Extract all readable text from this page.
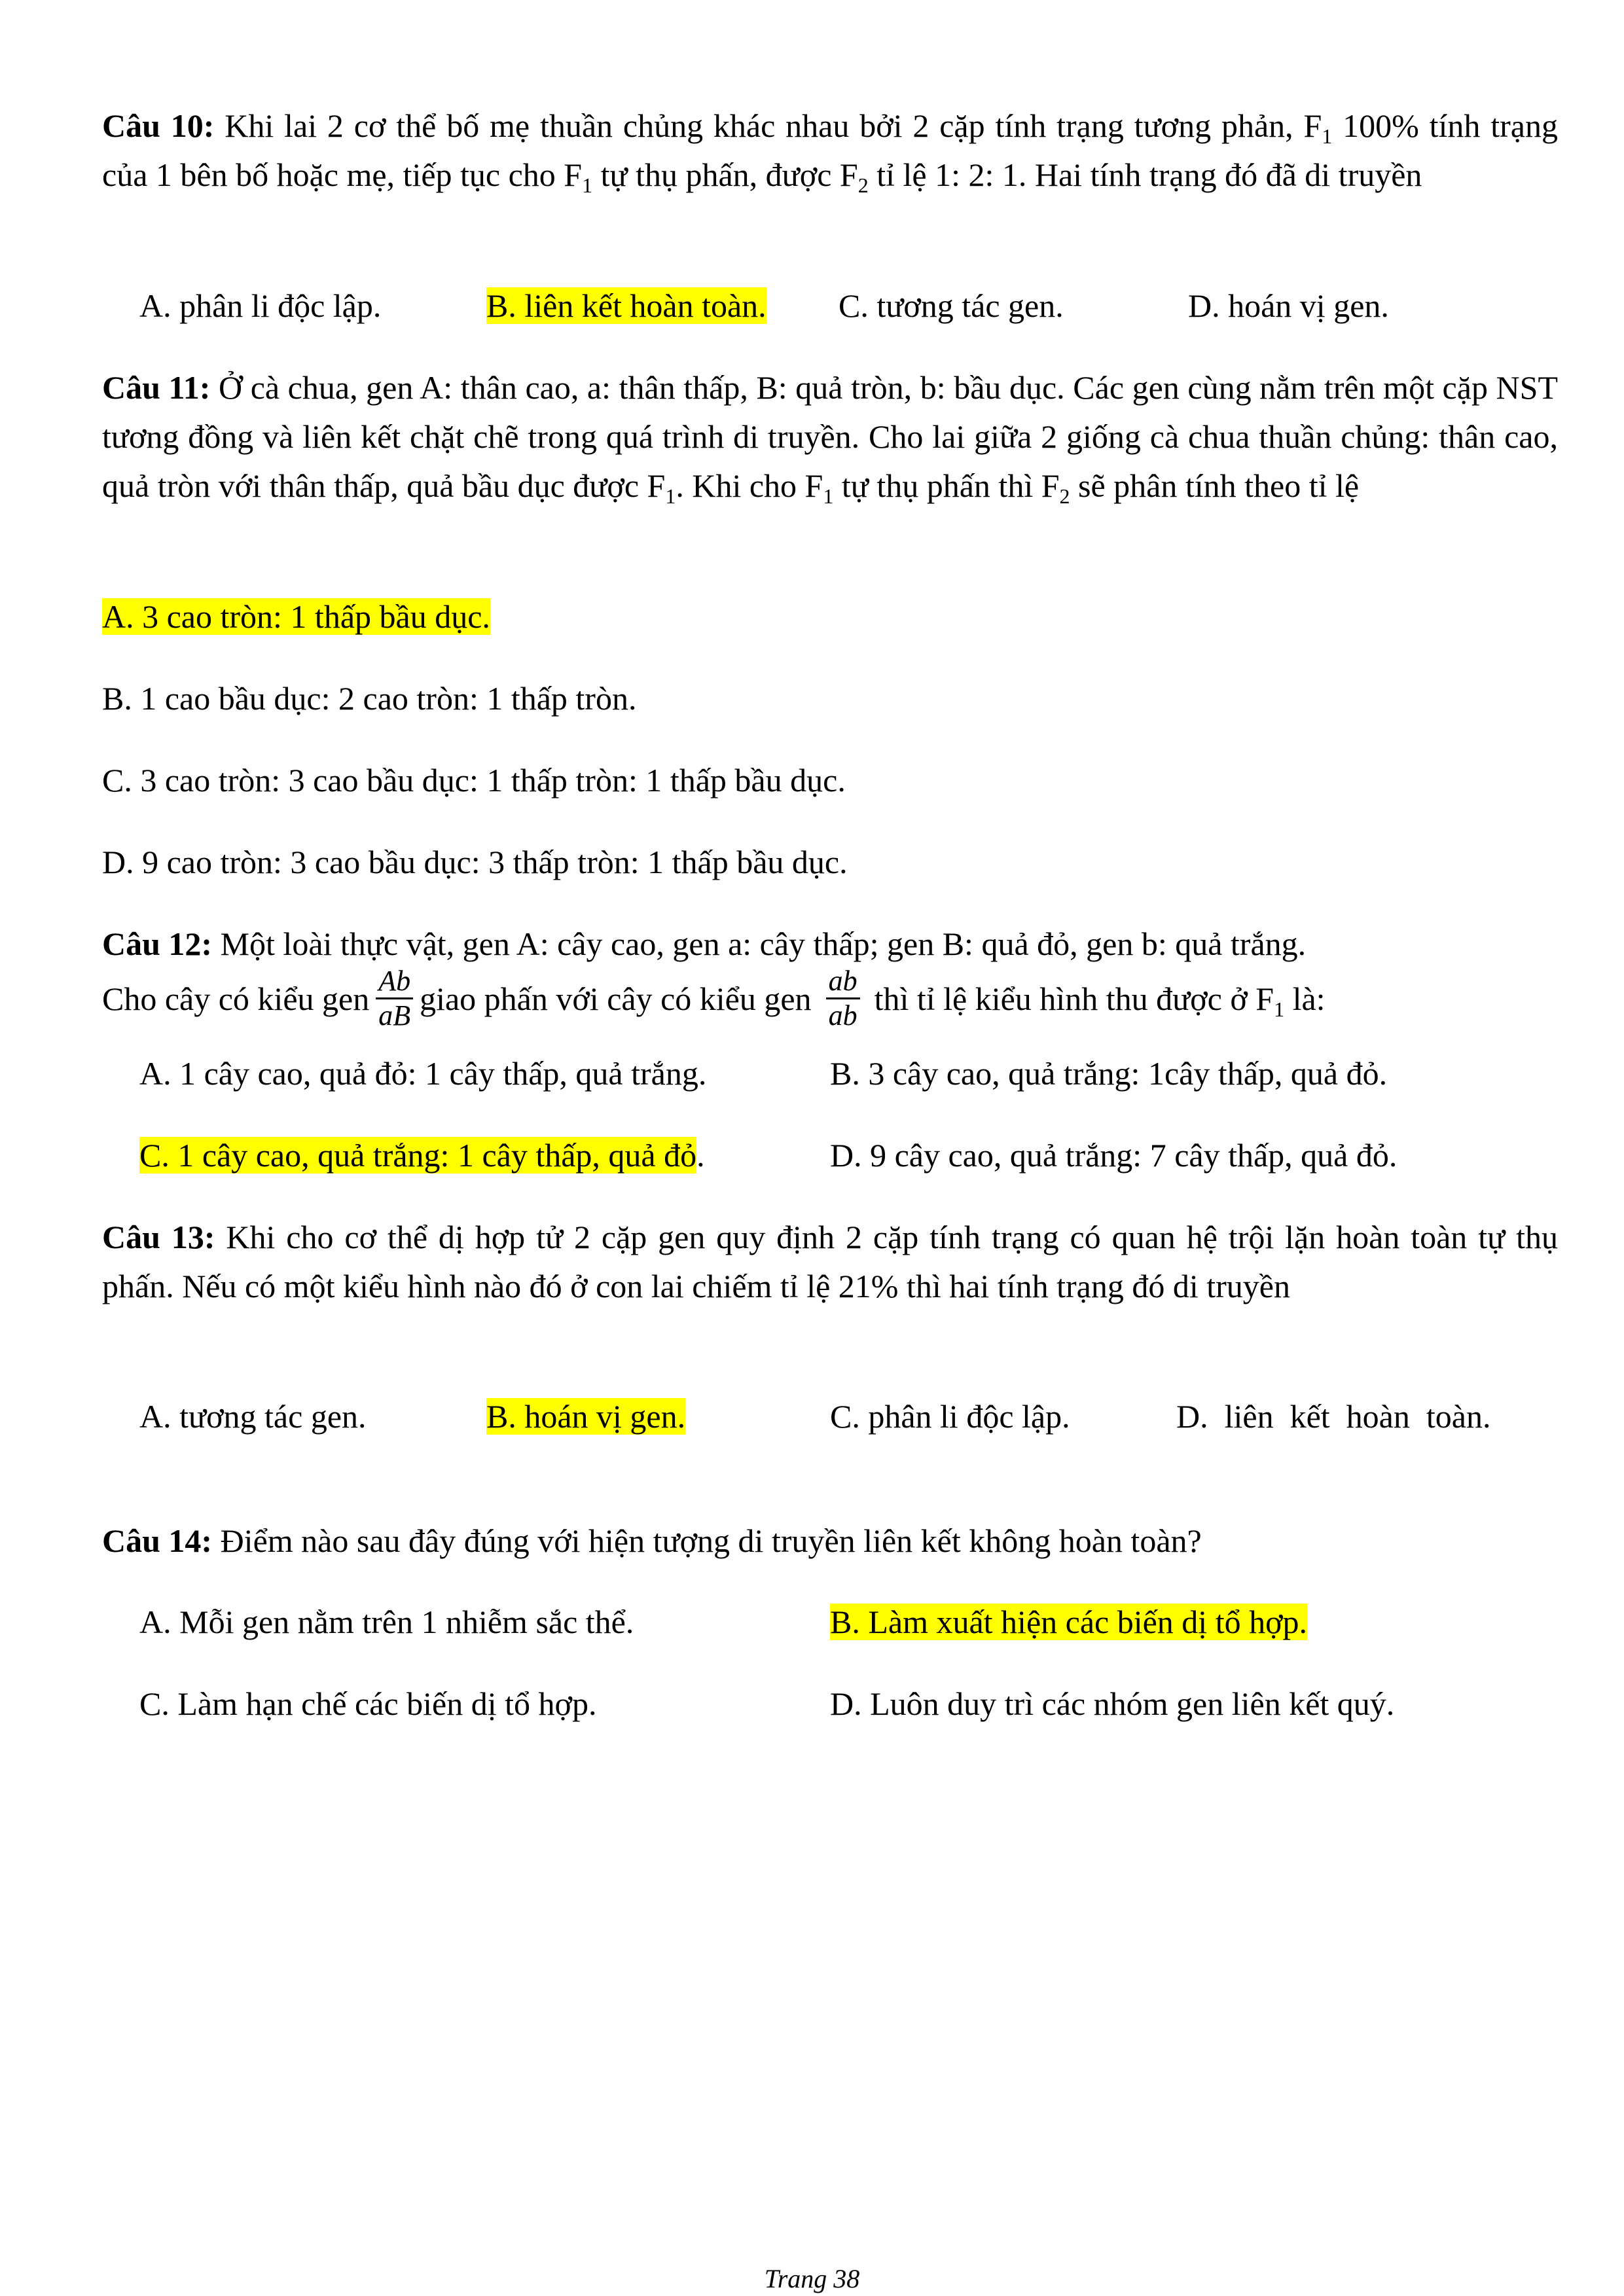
Câu 10: Khi lai 2 cơ thể bố mẹ thuần chủng khác nhau bởi 2 cặp tính trạng tương phản, $F_1$ 100% tính trạng của 1 bên bố hoặc mẹ, tiếp tục cho $F_1$ tự thụ phấn, được $F_2$ tỉ lệ 1: 2: 1. Hai tính trạng đó đã di truyền
A. phân li độc lập.	B. liên kết hoàn toàn. C. tương tác gen.	D. hoán vị gen.
Câu 11: Ở cà chua, gen A: thân cao, a: thân thấp, B: quả tròn, b: bầu dục. Các gen cùng nằm trên một cặp NST tương đồng và liên kết chặt chẽ trong quá trình di truyền. Cho lai giữa 2 giống cà chua thuần chủng: thân cao, quả tròn với thân thấp, quả bầu dục được $F_1$. Khi cho $F_1$ tự thụ phấn thì $F_2$ sẽ phân tính theo tỉ lệ
A. 3 cao tròn: 1 thấp bầu dục.
B. 1 cao bầu dục: 2 cao tròn: 1 thấp tròn.
C. 3 cao tròn: 3 cao bầu dục: 1 thấp tròn: 1 thấp bầu dục.
D. 9 cao tròn: 3 cao bầu dục: 3 thấp tròn: 1 thấp bầu dục.
Câu 12: Một loài thực vật, gen A: cây cao, gen a: cây thấp; gen B: quả đỏ, gen b: quả trắng.
Cho cây có kiểu gen $\frac{Ab}{aB}$ giao phấn với cây có kiểu gen $\frac{ab}{ab}$ thì tỉ lệ kiểu hình thu được ở $F_1$ là:
A. 1 cây cao, quả đỏ: 1 cây thấp, quả trắng.	B. 3 cây cao, quả trắng: 1cây thấp, quả đỏ.
C. 1 cây cao, quả trắng: 1 cây thấp, quả đỏ.	D. 9 cây cao, quả trắng: 7 cây thấp, quả đỏ.
Câu 13: Khi cho cơ thể dị hợp tử 2 cặp gen quy định 2 cặp tính trạng có quan hệ trội lặn hoàn toàn tự thụ phấn. Nếu có một kiểu hình nào đó ở con lai chiếm tỉ lệ 21% thì hai tính trạng đó di truyền
A. tương tác gen.	B. hoán vị gen.	C. phân li độc lập.	D.  liên  kết  hoàn  toàn.
Câu 14: Điểm nào sau đây đúng với hiện tượng di truyền liên kết không hoàn toàn?
A. Mỗi gen nằm trên 1 nhiễm sắc thể.	B. Làm xuất hiện các biến dị tổ hợp.
C. Làm hạn chế các biến dị tổ hợp.	D. Luôn duy trì các nhóm gen liên kết quý.
Trang 38
